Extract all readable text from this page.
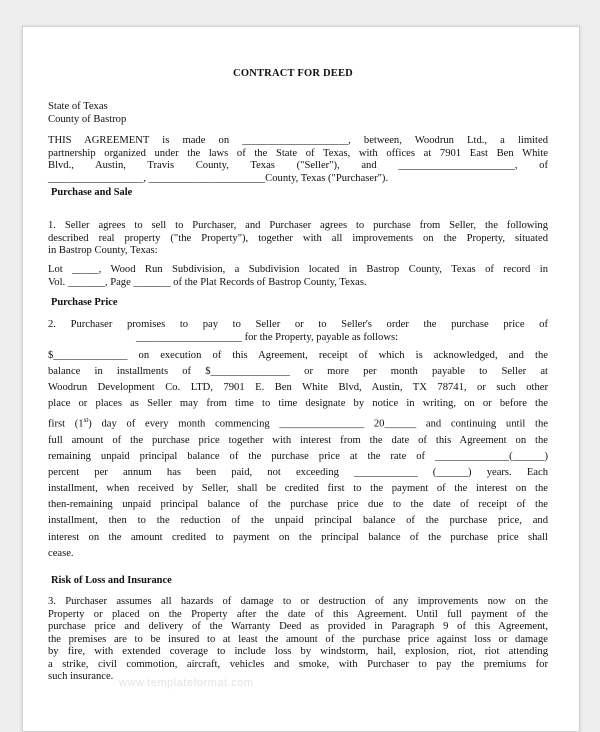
CONTRACT FOR DEED
State of Texas
County of Bastrop
THIS AGREEMENT is made on ____________________, between, Woodrun Ltd., a limited
partnership organized under the laws of the State of Texas, with offices at 7901 East Ben White
Blvd., Austin, Travis County, Texas ("Seller"), and ______________________, of
__________________, ______________________County, Texas ("Purchaser").
Purchase and Sale
1. Seller agrees to sell to Purchaser, and Purchaser agrees to purchase from Seller, the following
described real property ("the Property"), together with all improvements on the Property, situated
in Bastrop County, Texas:
Lot _____, Wood Run Subdivision, a Subdivision located in Bastrop County, Texas of record in
Vol. _______, Page _______ of the Plat Records of Bastrop County, Texas.
Purchase Price
2. Purchaser promises to pay to Seller or to Seller's order the purchase price of
____________________ for the Property, payable as follows:
$______________ on execution of this Agreement, receipt of which is acknowledged, and the
balance in installments of $_______________ or more per month payable to Seller at
Woodrun Development Co. LTD, 7901 E. Ben White Blvd, Austin, TX 78741, or such other
place or places as Seller may from time to time designate by notice in writing, on or before the
first (1st) day of every month commencing ________________ 20______ and continuing until the
full amount of the purchase price together with interest from the date of this Agreement on the
remaining unpaid principal balance of the purchase price at the rate of ______________(______)
percent per annum has been paid, not exceeding ____________ (______) years. Each
installment, when received by Seller, shall be credited first to the payment of the interest on the
then-remaining unpaid principal balance of the purchase price due to the date of receipt of the
installment, then to the reduction of the unpaid principal balance of the purchase price, and
interest on the amount credited to payment on the principal balance of the purchase price shall
cease.
Risk of Loss and Insurance
3. Purchaser assumes all hazards of damage to or destruction of any improvements now on the
Property or placed on the Property after the date of this Agreement. Until full payment of the
purchase price and delivery of the Warranty Deed as provided in Paragraph 9 of this Agreement,
the premises are to be insured to at least the amount of the purchase price against loss or damage
by fire, with extended coverage to include loss by windstorm, hail, explosion, riot, riot attending
a strike, civil commotion, aircraft, vehicles and smoke, with Purchaser to pay the premiums for
such insurance.
www.templateformat.com
